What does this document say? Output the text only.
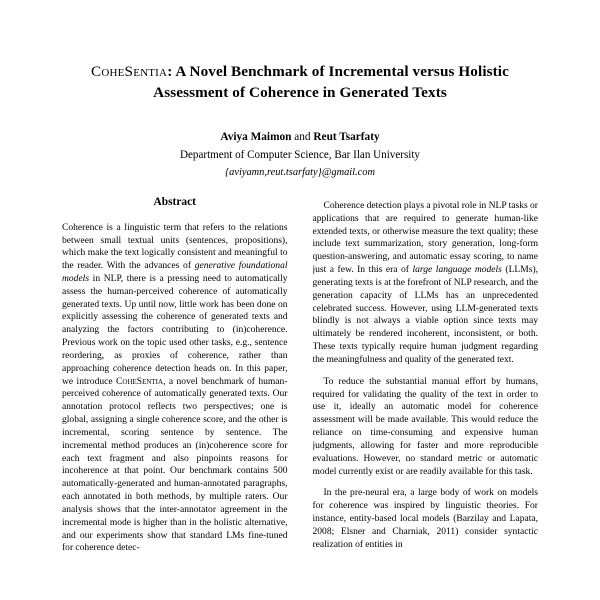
CoheSentia: A Novel Benchmark of Incremental versus Holistic
Assessment of Coherence in Generated Texts
Aviya Maimon and Reut Tsarfaty
Department of Computer Science, Bar Ilan University
{aviyamn,reut.tsarfaty}@gmail.com
Abstract

Coherence is a linguistic term that refers to the relations between small textual units (sentences, propositions), which make the text logically consistent and meaningful to the reader. With the advances of generative foundational models in NLP, there is a pressing need to automatically assess the human-perceived coherence of automatically generated texts. Up until now, little work has been done on explicitly assessing the coherence of generated texts and analyzing the factors contributing to (in)coherence. Previous work on the topic used other tasks, e.g., sentence reordering, as proxies of coherence, rather than approaching coherence detection heads on. In this paper, we introduce CoheSentia, a novel benchmark of human-perceived coherence of automatically generated texts. Our annotation protocol reflects two perspectives; one is global, assigning a single coherence score, and the other is incremental, scoring sentence by sentence. The incremental method produces an (in)coherence score for each text fragment and also pinpoints reasons for incoherence at that point. Our benchmark contains 500 automatically-generated and human-annotated paragraphs, each annotated in both methods, by multiple raters. Our analysis shows that the inter-annotator agreement in the incremental mode is higher than in the holistic alternative, and our experiments show that standard LMs fine-tuned for coherence detec-

Coherence detection plays a pivotal role in NLP tasks or applications that are required to generate human-like extended texts, or otherwise measure the text quality; these include text summarization, story generation, long-form question-answering, and automatic essay scoring, to name just a few. In this era of large language models (LLMs), generating texts is at the forefront of NLP research, and the generation capacity of LLMs has an unprecedented celebrated success. However, using LLM-generated texts blindly is not always a viable option since texts may ultimately be rendered incoherent, inconsistent, or both. These texts typically require human judgment regarding the meaningfulness and quality of the generated text.

To reduce the substantial manual effort by humans, required for validating the quality of the text in order to use it, ideally an automatic model for coherence assessment will be made available. This would reduce the reliance on time-consuming and expensive human judgments, allowing for faster and more reproducible evaluations. However, no standard metric or automatic model currently exist or are readily available for this task.

In the pre-neural era, a large body of work on models for coherence was inspired by linguistic theories. For instance, entity-based local models (Barzilay and Lapata, 2008; Elsner and Charniak, 2011) consider syntactic realization of entities in
